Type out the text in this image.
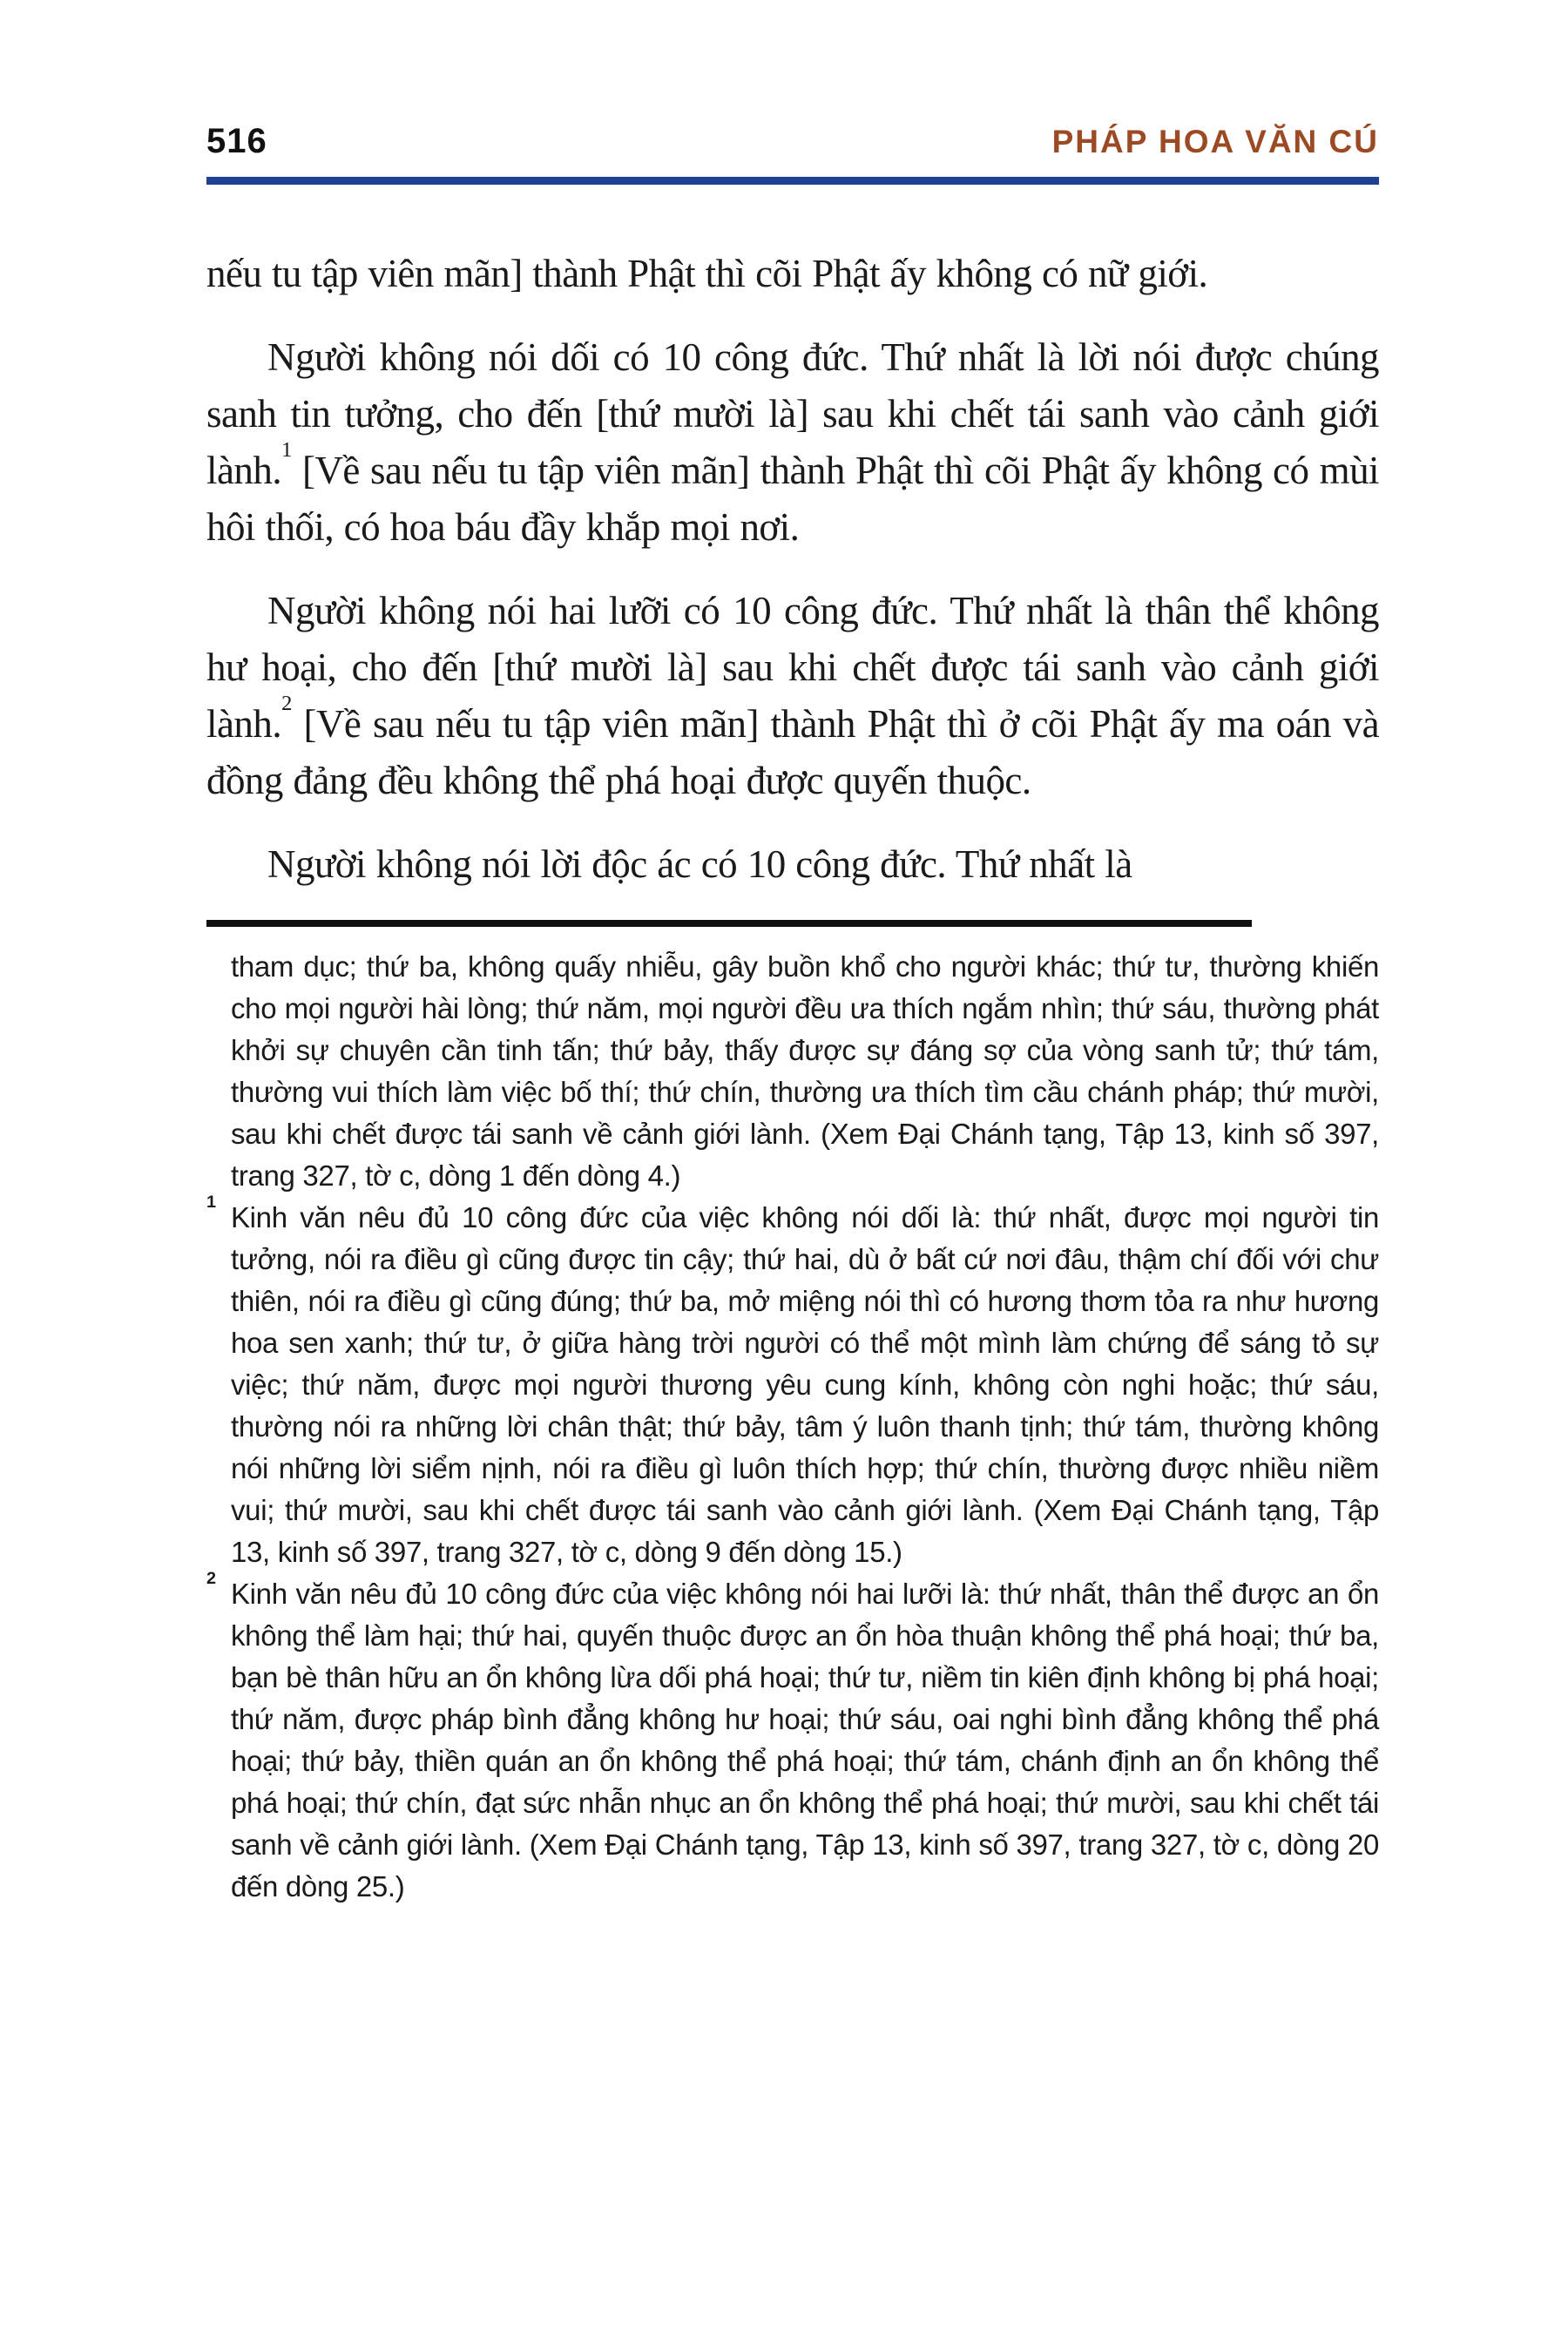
516	PHÁP HOA VĂN CÚ

nếu tu tập viên mãn] thành Phật thì cõi Phật ấy không có nữ giới.

Người không nói dối có 10 công đức. Thứ nhất là lời nói được chúng sanh tin tưởng, cho đến [thứ mười là] sau khi chết tái sanh vào cảnh giới lành.$^1$ [Về sau nếu tu tập viên mãn] thành Phật thì cõi Phật ấy không có mùi hôi thối, có hoa báu đầy khắp mọi nơi.

Người không nói hai lưỡi có 10 công đức. Thứ nhất là thân thể không hư hoại, cho đến [thứ mười là] sau khi chết được tái sanh vào cảnh giới lành.$^2$ [Về sau nếu tu tập viên mãn] thành Phật thì ở cõi Phật ấy ma oán và đồng đảng đều không thể phá hoại được quyến thuộc.

Người không nói lời độc ác có 10 công đức. Thứ nhất là

tham dục; thứ ba, không quấy nhiễu, gây buồn khổ cho người khác; thứ tư, thường khiến cho mọi người hài lòng; thứ năm, mọi người đều ưa thích ngắm nhìn; thứ sáu, thường phát khởi sự chuyên cần tinh tấn; thứ bảy, thấy được sự đáng sợ của vòng sanh tử; thứ tám, thường vui thích làm việc bố thí; thứ chín, thường ưa thích tìm cầu chánh pháp; thứ mười, sau khi chết được tái sanh về cảnh giới lành. (Xem Đại Chánh tạng, Tập 13, kinh số 397, trang 327, tờ c, dòng 1 đến dòng 4.)

$^1$ Kinh văn nêu đủ 10 công đức của việc không nói dối là: thứ nhất, được mọi người tin tưởng, nói ra điều gì cũng được tin cậy; thứ hai, dù ở bất cứ nơi đâu, thậm chí đối với chư thiên, nói ra điều gì cũng đúng; thứ ba, mở miệng nói thì có hương thơm tỏa ra như hương hoa sen xanh; thứ tư, ở giữa hàng trời người có thể một mình làm chứng để sáng tỏ sự việc; thứ năm, được mọi người thương yêu cung kính, không còn nghi hoặc; thứ sáu, thường nói ra những lời chân thật; thứ bảy, tâm ý luôn thanh tịnh; thứ tám, thường không nói những lời siểm nịnh, nói ra điều gì luôn thích hợp; thứ chín, thường được nhiều niềm vui; thứ mười, sau khi chết được tái sanh vào cảnh giới lành. (Xem Đại Chánh tạng, Tập 13, kinh số 397, trang 327, tờ c, dòng 9 đến dòng 15.)

$^2$ Kinh văn nêu đủ 10 công đức của việc không nói hai lưỡi là: thứ nhất, thân thể được an ổn không thể làm hại; thứ hai, quyến thuộc được an ổn hòa thuận không thể phá hoại; thứ ba, bạn bè thân hữu an ổn không lừa dối phá hoại; thứ tư, niềm tin kiên định không bị phá hoại; thứ năm, được pháp bình đẳng không hư hoại; thứ sáu, oai nghi bình đẳng không thể phá hoại; thứ bảy, thiền quán an ổn không thể phá hoại; thứ tám, chánh định an ổn không thể phá hoại; thứ chín, đạt sức nhẫn nhục an ổn không thể phá hoại; thứ mười, sau khi chết tái sanh về cảnh giới lành. (Xem Đại Chánh tạng, Tập 13, kinh số 397, trang 327, tờ c, dòng 20 đến dòng 25.)
